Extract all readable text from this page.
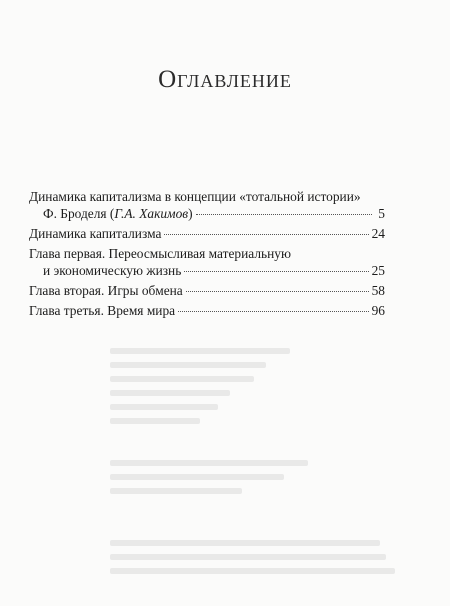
Оглавление
Динамика капитализма в концепции «тотальной истории»
Ф. Броделя ( Г.А. Хакимов )	5
Динамика капитализма	24
Глава первая. Переосмысливая материальную
и экономическую жизнь	25
Глава вторая. Игры обмена	58
Глава третья. Время мира	96
